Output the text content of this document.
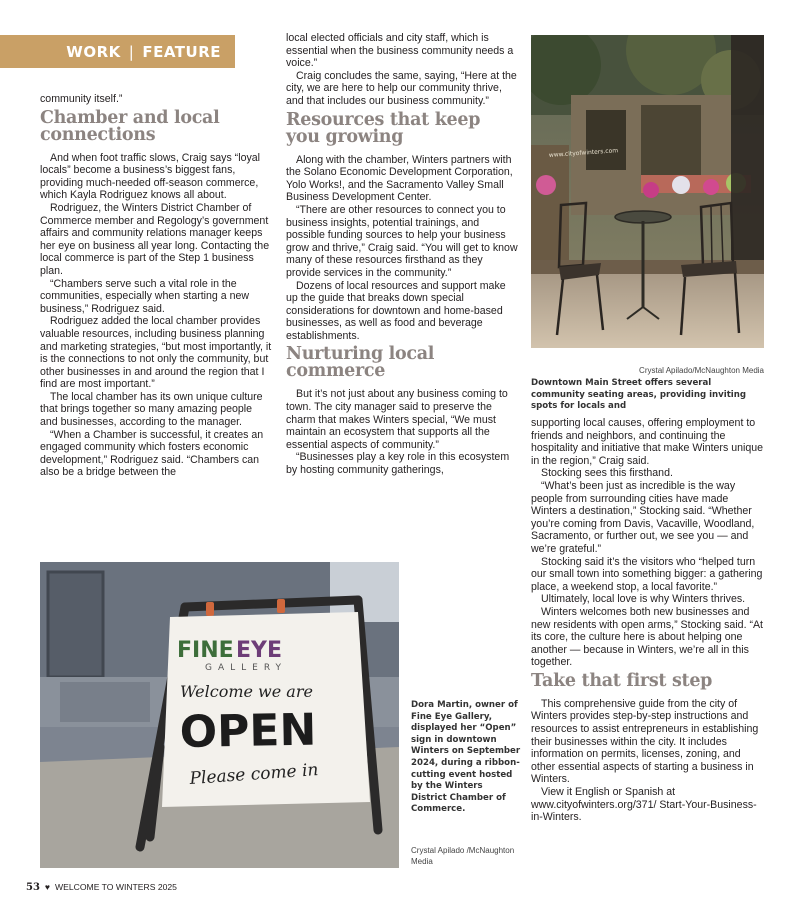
WORK | FEATURE

community itself.”

Chamber and local connections

And when foot traffic slows, Craig says “loyal locals” become a business’s biggest fans, providing much-needed off-season commerce, which Kayla Rodriguez knows all about.

Rodriguez, the Winters District Chamber of Commerce member and Regology’s government affairs and community relations manager keeps her eye on business all year long. Contacting the local commerce is part of the Step 1 business plan.

“Chambers serve such a vital role in the communities, especially when starting a new business,” Rodriguez said.

Rodriguez added the local chamber provides valuable resources, including business planning and marketing strategies, “but most importantly, it is the connections to not only the community, but other businesses in and around the region that I find are most important.”

The local chamber has its own unique culture that brings together so many amazing people and businesses, according to the manager.

“When a Chamber is successful, it creates an engaged community which fosters economic development,” Rodriguez said. “Chambers can also be a bridge between the

local elected officials and city staff, which is essential when the business community needs a voice.”

Craig concludes the same, saying, “Here at the city, we are here to help our community thrive, and that includes our business community.”

Resources that keep you growing

Along with the chamber, Winters partners with the Solano Economic Development Corporation, Yolo Works!, and the Sacramento Valley Small Business Development Center.

“There are other resources to connect you to business insights, potential trainings, and possible funding sources to help your business grow and thrive,” Craig said. “You will get to know many of these resources firsthand as they provide services in the community.”

Dozens of local resources and support make up the guide that breaks down special considerations for downtown and home-based businesses, as well as food and beverage establishments.

Nurturing local commerce

But it’s not just about any business coming to town. The city manager said to preserve the charm that makes Winters special, “We must maintain an ecosystem that supports all the essential aspects of community.”

“Businesses play a key role in this ecosystem by hosting community gatherings,

supporting local causes, offering employment to friends and neighbors, and continuing the hospitality and initiative that make Winters unique in the region,” Craig said.

Stocking sees this firsthand.

“What’s been just as incredible is the way people from surrounding cities have made Winters a destination,” Stocking said. “Whether you’re coming from Davis, Vacaville, Woodland, Sacramento, or further out, we see you — and we’re grateful.”

Stocking said it’s the visitors who “helped turn our small town into something bigger: a gathering place, a weekend stop, a local favorite.”

Ultimately, local love is why Winters thrives.

Winters welcomes both new businesses and new residents with open arms,” Stocking said. “At its core, the culture here is about helping one another — because in Winters, we’re all in this together.

Take that first step

This comprehensive guide from the city of Winters provides step-by-step instructions and resources to assist entrepreneurs in establishing their businesses within the city. It includes information on permits, licenses, zoning, and other essential aspects of starting a business in Winters.

View it English or Spanish at www.cityofwinters.org/371/ Start-Your-Business-in-Winters.

www.cityofwinters.com
Crystal Apilado/McNaughton Media
Downtown Main Street offers several community seating areas, providing inviting spots for locals and
FINE EYE
GALLERY
Welcome we are
OPEN
Please come in
Dora Martin, owner of Fine Eye Gallery, displayed her “Open” sign in downtown Winters on September 2024, during a ribbon-cutting event hosted by the Winters District Chamber of Commerce.
Crystal Apilado /McNaughton Media
53 ♥ WELCOME TO WINTERS 2025
